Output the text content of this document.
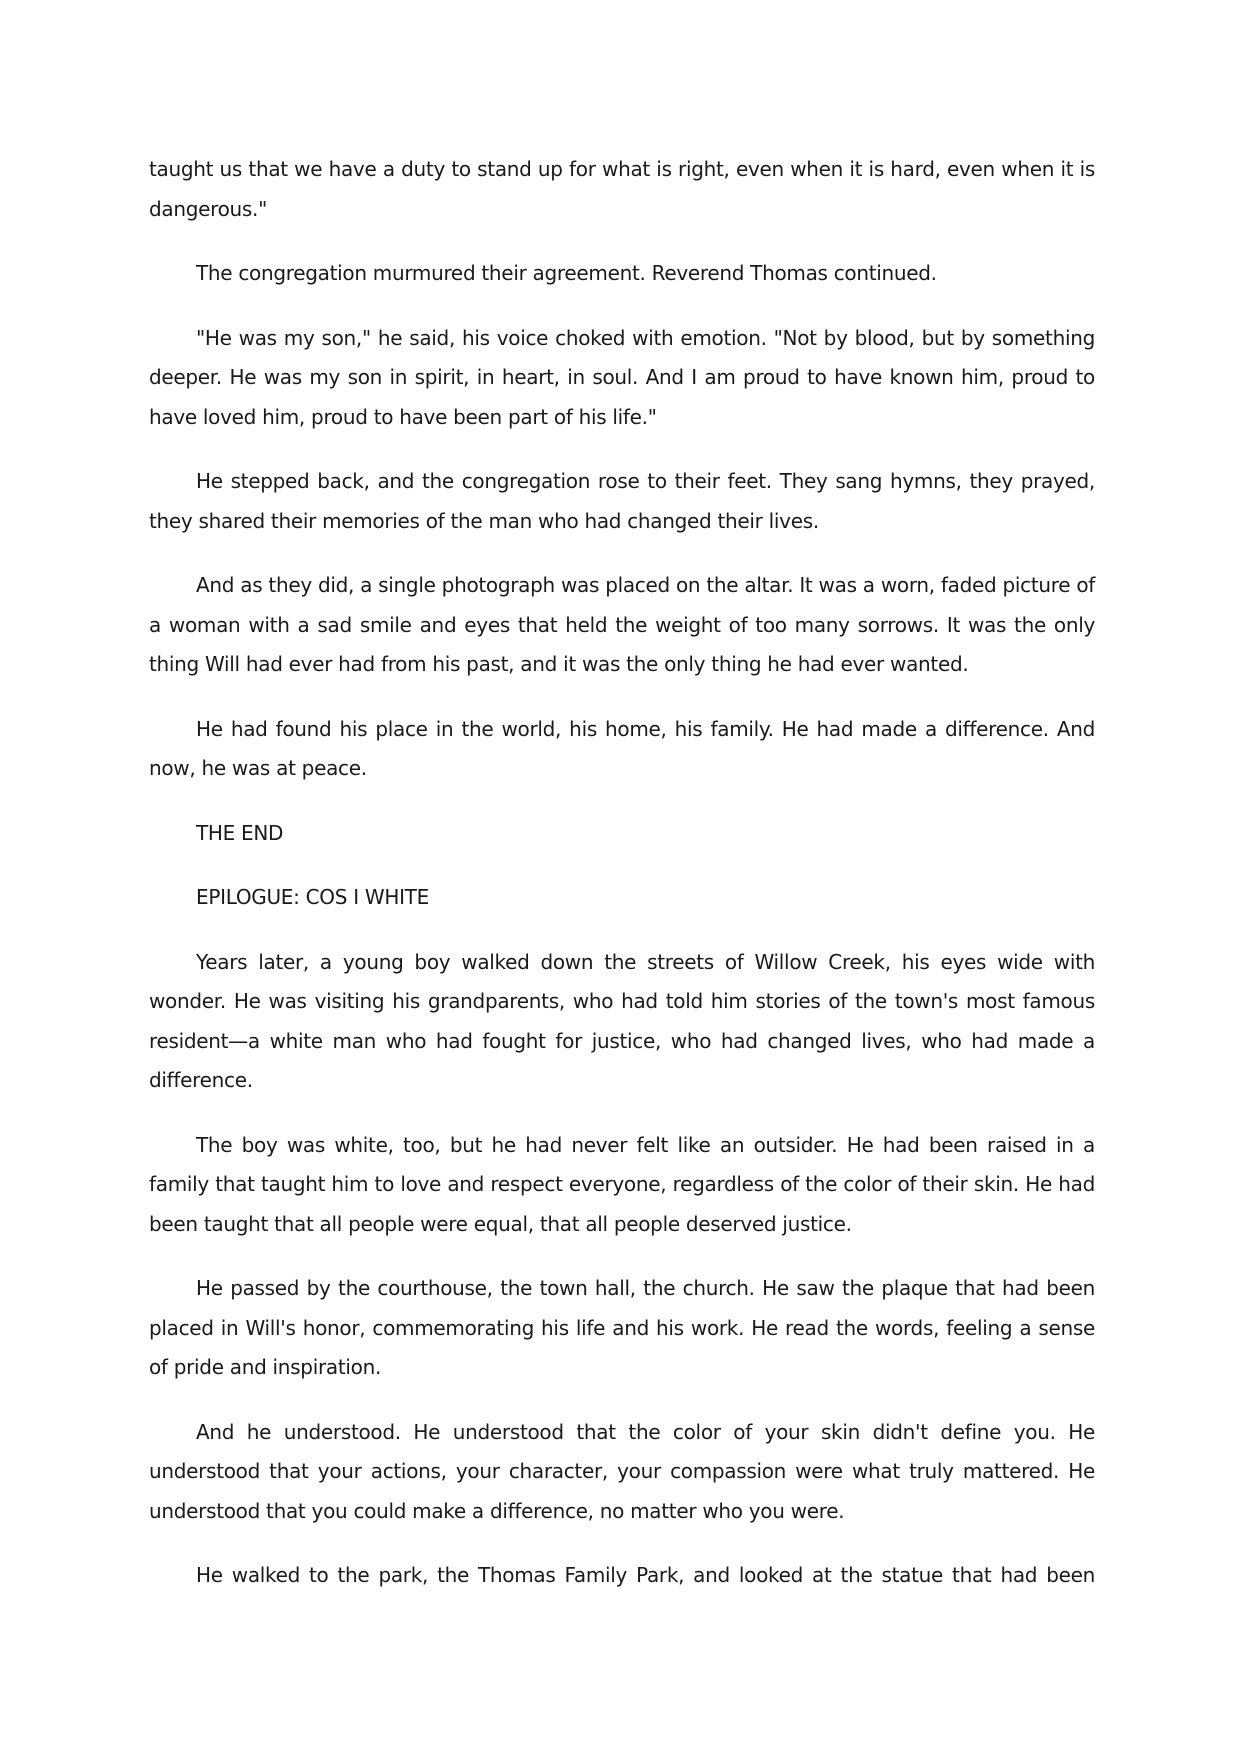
taught us that we have a duty to stand up for what is right, even when it is hard, even when it is dangerous."

The congregation murmured their agreement. Reverend Thomas continued.

"He was my son," he said, his voice choked with emotion. "Not by blood, but by something deeper. He was my son in spirit, in heart, in soul. And I am proud to have known him, proud to have loved him, proud to have been part of his life."

He stepped back, and the congregation rose to their feet. They sang hymns, they prayed, they shared their memories of the man who had changed their lives.

And as they did, a single photograph was placed on the altar. It was a worn, faded picture of a woman with a sad smile and eyes that held the weight of too many sorrows. It was the only thing Will had ever had from his past, and it was the only thing he had ever wanted.

He had found his place in the world, his home, his family. He had made a difference. And now, he was at peace.

THE END

EPILOGUE: COS I WHITE

Years later, a young boy walked down the streets of Willow Creek, his eyes wide with wonder. He was visiting his grandparents, who had told him stories of the town's most famous resident—a white man who had fought for justice, who had changed lives, who had made a difference.

The boy was white, too, but he had never felt like an outsider. He had been raised in a family that taught him to love and respect everyone, regardless of the color of their skin. He had been taught that all people were equal, that all people deserved justice.

He passed by the courthouse, the town hall, the church. He saw the plaque that had been placed in Will's honor, commemorating his life and his work. He read the words, feeling a sense of pride and inspiration.

And he understood. He understood that the color of your skin didn't define you. He understood that your actions, your character, your compassion were what truly mattered. He understood that you could make a difference, no matter who you were.

He walked to the park, the Thomas Family Park, and looked at the statue that had been
